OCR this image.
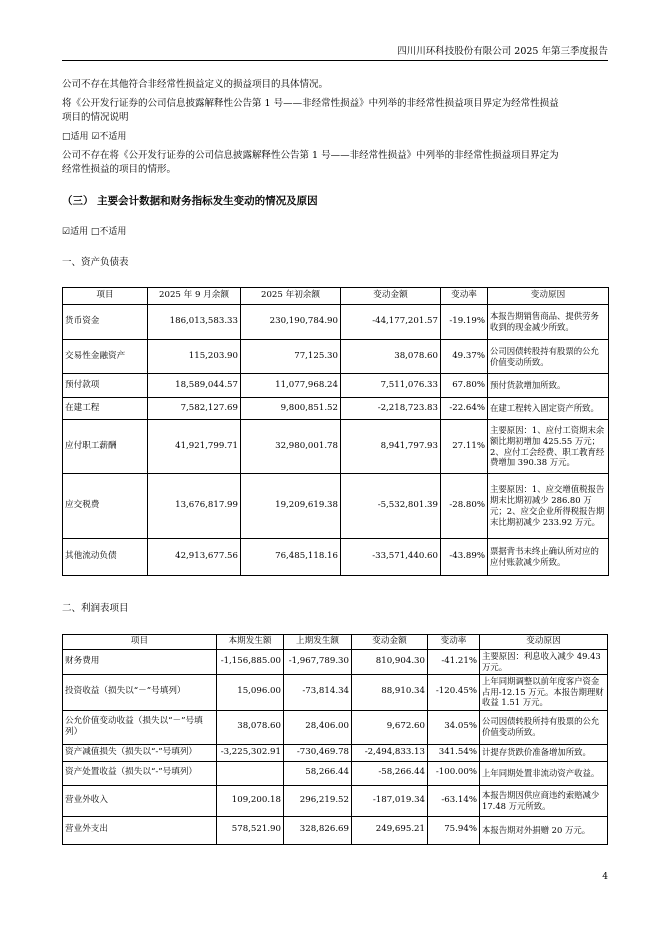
四川川环科技股份有限公司 2025 年第三季度报告
公司不存在其他符合非经常性损益定义的损益项目的具体情况。
将《公开发行证券的公司信息披露解释性公告第 1 号——非经常性损益》中列举的非经常性损益项目界定为经常性损益
项目的情况说明
□适用 ☑不适用
公司不存在将《公开发行证券的公司信息披露解释性公告第 1 号——非经常性损益》中列举的非经常性损益项目界定为
经常性损益的项目的情形。
（三） 主要会计数据和财务指标发生变动的情况及原因
☑适用 □不适用
一、资产负债表
项目	2025 年 9 月余额	2025 年初余额	变动金额	变动率	变动原因
货币资金	186,013,583.33	230,190,784.90	-44,177,201.57	-19.19%	本报告期销售商品、提供劳务收到的现金减少所致。
交易性金融资产	115,203.90	77,125.30	38,078.60	49.37%	公司因债转股持有股票的公允价值变动所致。
预付款项	18,589,044.57	11,077,968.24	7,511,076.33	67.80%	预付货款增加所致。
在建工程	7,582,127.69	9,800,851.52	-2,218,723.83	-22.64%	在建工程转入固定资产所致。
应付职工薪酬	41,921,799.71	32,980,001.78	8,941,797.93	27.11%	主要原因：1、应付工资期末余额比期初增加 425.55 万元；2、应付工会经费、职工教育经费增加 390.38 万元。
应交税费	13,676,817.99	19,209,619.38	-5,532,801.39	-28.80%	主要原因：1、应交增值税报告期末比期初减少 286.80 万元；2、应交企业所得税报告期末比期初减少 233.92 万元。
其他流动负债	42,913,677.56	76,485,118.16	-33,571,440.60	-43.89%	票据背书未终止确认所对应的应付账款减少所致。
二、利润表项目
项目	本期发生额	上期发生额	变动金额	变动率	变动原因
财务费用	-1,156,885.00	-1,967,789.30	810,904.30	-41.21%	主要原因：利息收入减少 49.43 万元。
投资收益（损失以“－”号填列）	15,096.00	-73,814.34	88,910.34	-120.45%	上年同期调整以前年度客户资金占用-12.15 万元。本报告期理财收益 1.51 万元。
公允价值变动收益（损失以“－”号填列）	38,078.60	28,406.00	9,672.60	34.05%	公司因债转股所持有股票的公允价值变动所致。
资产减值损失（损失以“-”号填列）	-3,225,302.91	-730,469.78	-2,494,833.13	341.54%	计提存货跌价准备增加所致。
资产处置收益（损失以“-”号填列）		58,266.44	-58,266.44	-100.00%	上年同期处置非流动资产收益。
营业外收入	109,200.18	296,219.52	-187,019.34	-63.14%	本报告期因供应商违约索赔减少 17.48 万元所致。
营业外支出	578,521.90	328,826.69	249,695.21	75.94%	本报告期对外捐赠 20 万元。
4
